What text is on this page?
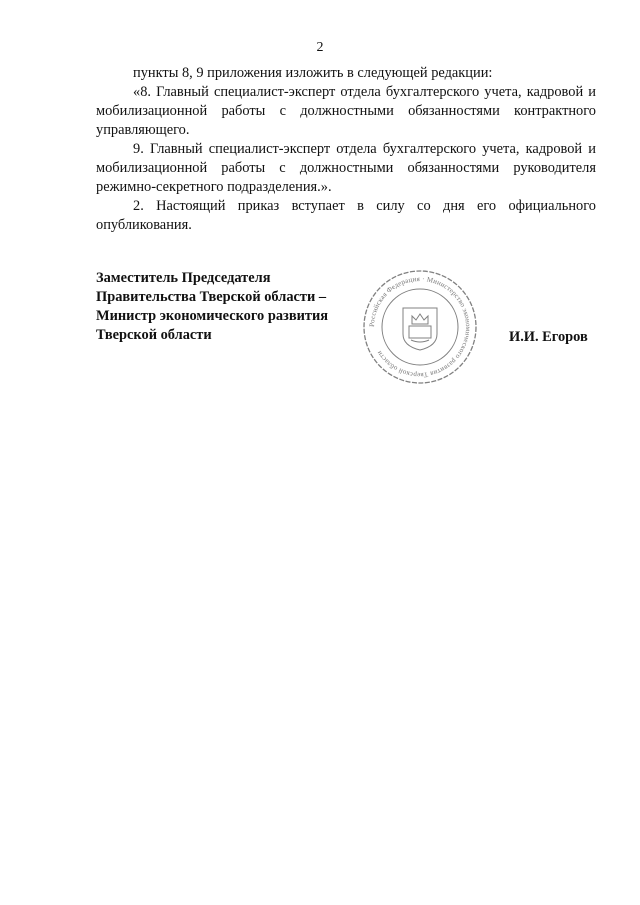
2

пункты 8, 9 приложения изложить в следующей редакции:

«8. Главный специалист-эксперт отдела бухгалтерского учета, кадровой и мобилизационной работы с должностными обязанностями контрактного управляющего.

9. Главный специалист-эксперт отдела бухгалтерского учета, кадровой и мобилизационной работы с должностными обязанностями руководителя режимно-секретного подразделения.».

2. Настоящий приказ вступает в силу со дня его официального опубликования.

Заместитель Председателя
Правительства Тверской области –
Министр экономического развития
Тверской области
Российская Федерация · Министерство экономического развития Тверской области
И.И. Егоров
